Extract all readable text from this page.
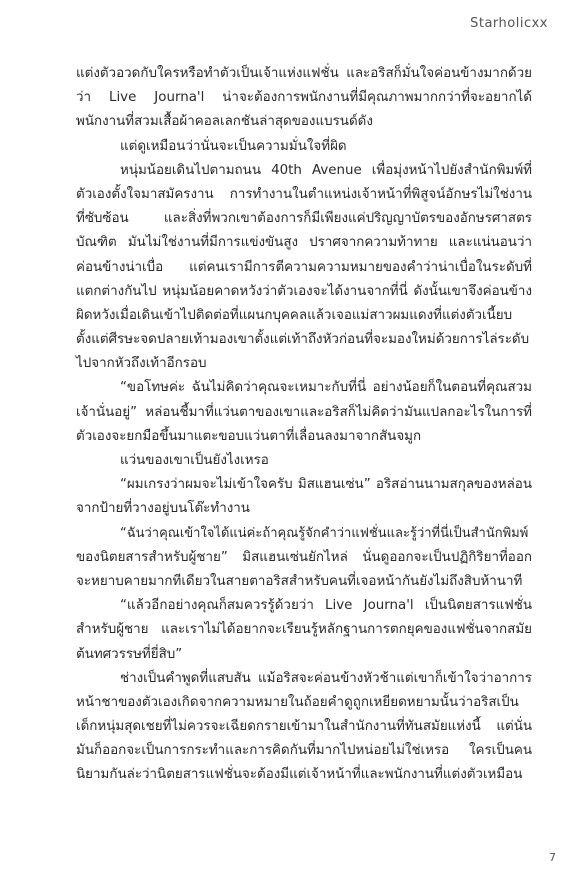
Starholicxx
แต่งตัวอวดกับใครหรือทำตัวเป็นเจ้าแห่งแฟชั่น และอริสก็มั่นใจค่อนข้างมากด้วย
ว่า Live Journa'l น่าจะต้องการพนักงานที่มีคุณภาพมากกว่าที่จะอยากได้
พนักงานที่สวมเสื้อผ้าคอลเลกชันล่าสุดของแบรนด์ดัง
แต่ดูเหมือนว่านั่นจะเป็นความมั่นใจที่ผิด
หนุ่มน้อยเดินไปตามถนน 40th Avenue เพื่อมุ่งหน้าไปยังสำนักพิมพ์ที่
ตัวเองตั้งใจมาสมัครงาน การทำงานในตำแหน่งเจ้าหน้าที่พิสูจน์อักษรไม่ใช่งาน
ที่ซับซ้อน และสิ่งที่พวกเขาต้องการก็มีเพียงแค่ปริญญาบัตรของอักษรศาสตร
บัณฑิต มันไม่ใช่งานที่มีการแข่งขันสูง ปราศจากความท้าทาย และแน่นอนว่า
ค่อนข้างน่าเบื่อ แต่คนเรามีการตีความความหมายของคำว่าน่าเบื่อในระดับที่
แตกต่างกันไป หนุ่มน้อยคาดหวังว่าตัวเองจะได้งานจากที่นี่ ดังนั้นเขาจึงค่อนข้าง
ผิดหวังเมื่อเดินเข้าไปติดต่อที่แผนกบุคคลแล้วเจอแม่สาวผมแดงที่แต่งตัวเนี้ยบ
ตั้งแต่ศีรษะจดปลายเท้ามองเขาตั้งแต่เท้าถึงหัวก่อนที่จะมองใหม่ด้วยการไล่ระดับ
ไปจากหัวถึงเท้าอีกรอบ
“ขอโทษค่ะ ฉันไม่คิดว่าคุณจะเหมาะกับที่นี่ อย่างน้อยก็ในตอนที่คุณสวม
เจ้านั่นอยู่” หล่อนชี้มาที่แว่นตาของเขาและอริสก็ไม่คิดว่ามันแปลกอะไรในการที่
ตัวเองจะยกมือขึ้นมาแตะขอบแว่นตาที่เลื่อนลงมาจากสันจมูก
แว่นของเขาเป็นยังไงเหรอ
“ผมเกรงว่าผมจะไม่เข้าใจครับ มิสแฮนเซ่น” อริสอ่านนามสกุลของหล่อน
จากป้ายที่วางอยู่บนโต๊ะทำงาน
“ฉันว่าคุณเข้าใจได้แน่ค่ะถ้าคุณรู้จักคำว่าแฟชั่นและรู้ว่าที่นี่เป็นสำนักพิมพ์
ของนิตยสารสำหรับผู้ชาย” มิสแฮนเซ่นยักไหล่ นั่นดูออกจะเป็นปฏิกิริยาที่ออก
จะหยาบคายมากทีเดียวในสายตาอริสสำหรับคนที่เจอหน้ากันยังไม่ถึงสิบห้านาที
“แล้วอีกอย่างคุณก็สมควรรู้ด้วยว่า Live Journa'l เป็นนิตยสารแฟชั่น
สำหรับผู้ชาย และเราไม่ได้อยากจะเรียนรู้หลักฐานการตกยุคของแฟชั่นจากสมัย
ต้นทศวรรษที่ยี่สิบ”
ช่างเป็นคำพูดที่แสบสัน แม้อริสจะค่อนข้างหัวช้าแต่เขาก็เข้าใจว่าอาการ
หน้าชาของตัวเองเกิดจากความหมายในถ้อยคำดูถูกเหยียดหยามนั้นว่าอริสเป็น
เด็กหนุ่มสุดเชยที่ไม่ควรจะเฉียดกรายเข้ามาในสำนักงานที่ทันสมัยแห่งนี้ แต่นั่น
มันก็ออกจะเป็นการกระทำและการคิดกันที่มากไปหน่อยไม่ใช่เหรอ ใครเป็นคน
นิยามกันล่ะว่านิตยสารแฟชั่นจะต้องมีแต่เจ้าหน้าที่และพนักงานที่แต่งตัวเหมือน
7
